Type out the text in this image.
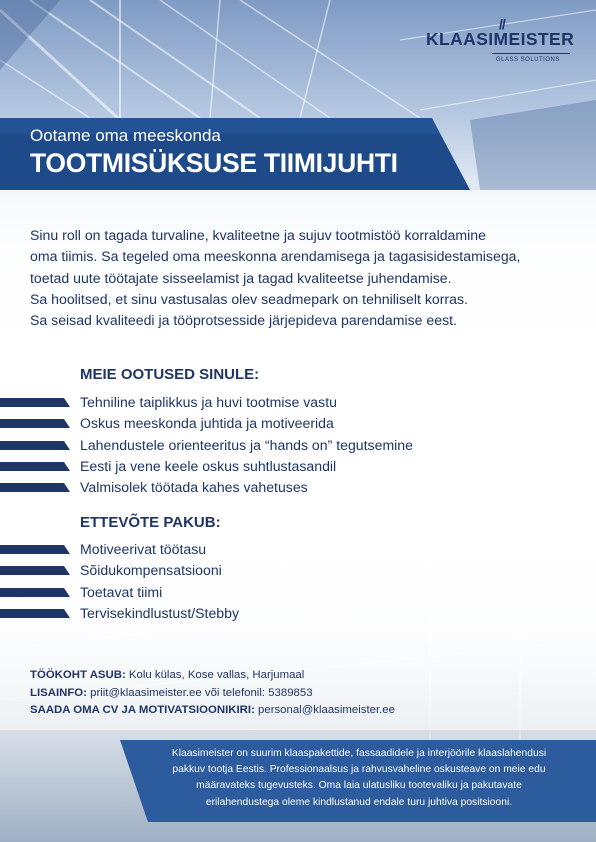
//
KLAASIMEISTER
GLASS SOLUTIONS
Ootame oma meeskonda
TOOTMISÜKSUSE TIIMIJUHTI

Sinu roll on tagada turvaline, kvaliteetne ja sujuv tootmistöö korraldamine

oma tiimis. Sa tegeled oma meeskonna arendamisega ja tagasisidestamisega,

toetad uute töötajate sisseelamist ja tagad kvaliteetse juhendamise.

Sa hoolitsed, et sinu vastusalas olev seadmepark on tehniliselt korras.

Sa seisad kvaliteedi ja tööprotsesside järjepideva parendamise eest.

MEIE OOTUSED SINULE:
Tehniline taiplikkus ja huvi tootmise vastu
Oskus meeskonda juhtida ja motiveerida
Lahendustele orienteeritus ja “hands on” tegutsemine
Eesti ja vene keele oskus suhtlustasandil
Valmisolek töötada kahes vahetuses
ETTEVÕTE PAKUB:
Motiveerivat töötasu
Sõidukompensatsiooni
Toetavat tiimi
Tervisekindlustust/Stebby
TÖÖKOHT ASUB: Kolu külas, Kose vallas, Harjumaal
LISAINFO: priit@klaasimeister.ee või telefonil: 5389853
SAADA OMA CV JA MOTIVATSIOONIKIRI: personal@klaasimeister.ee
Klaasimeister on suurim klaaspakettide, fassaadidele ja interjöörile klaaslahendusi
pakkuv tootja Eestis. Professionaalsus ja rahvusvaheline oskusteave on meie edu
määravateks tugevusteks. Oma laia ulatusliku tootevaliku ja pakutavate
erilahendustega oleme kindlustanud endale turu juhtiva positsiooni.
